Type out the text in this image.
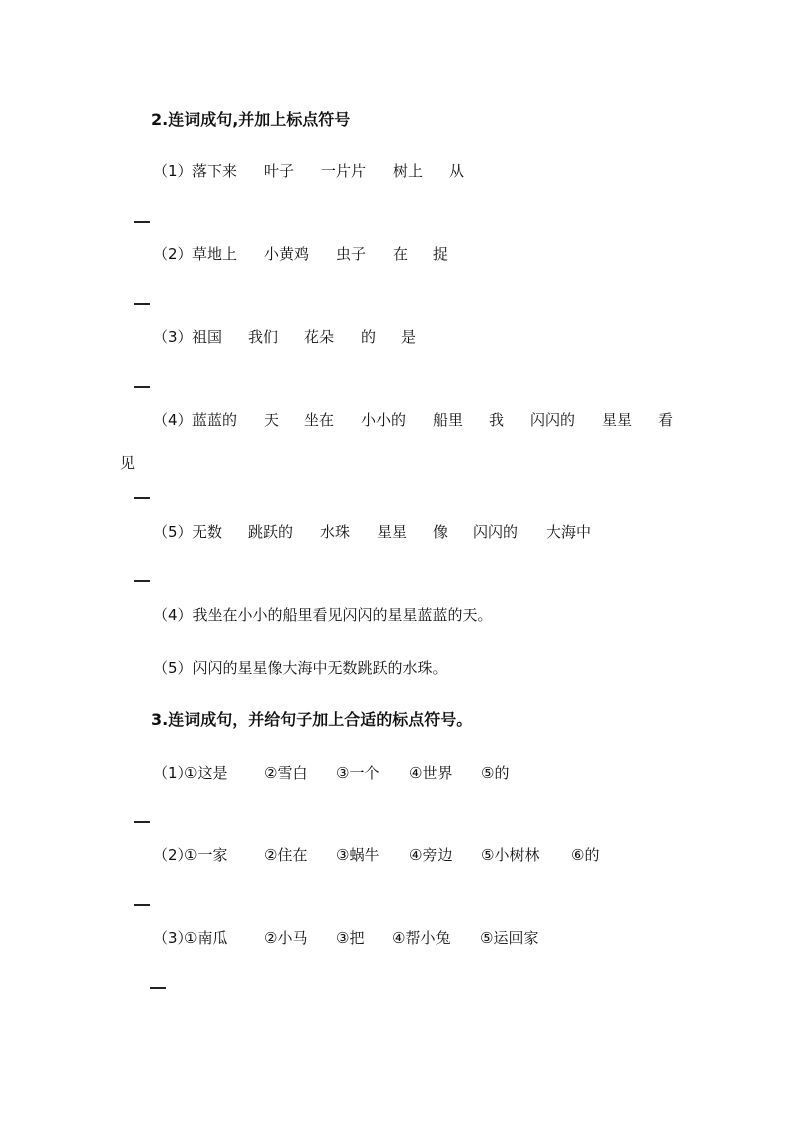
2.连词成句,并加上标点符号
（1） 落下来 叶子 一片片 树上 从
（2） 草地上 小黄鸡 虫子 在 捉
（3） 祖国 我们 花朵 的 是
（4） 蓝蓝的 天 坐在 小小的 船里 我 闪闪的 星星 看
见
（5） 无数 跳跃的 水珠 星星 像 闪闪的 大海中
（4）我坐在小小的船里看见闪闪的星星蓝蓝的天。
（5）闪闪的星星像大海中无数跳跃的水珠。
3.连词成句，并给句子加上合适的标点符号。
（1）
①这是 ②雪白 ③一个 ④世界 ⑤的
（2）
①一家 ②住在 ③蜗牛 ④旁边 ⑤小树林 ⑥的
（3）
①南瓜 ②小马 ③把 ④帮小兔 ⑤运回家
